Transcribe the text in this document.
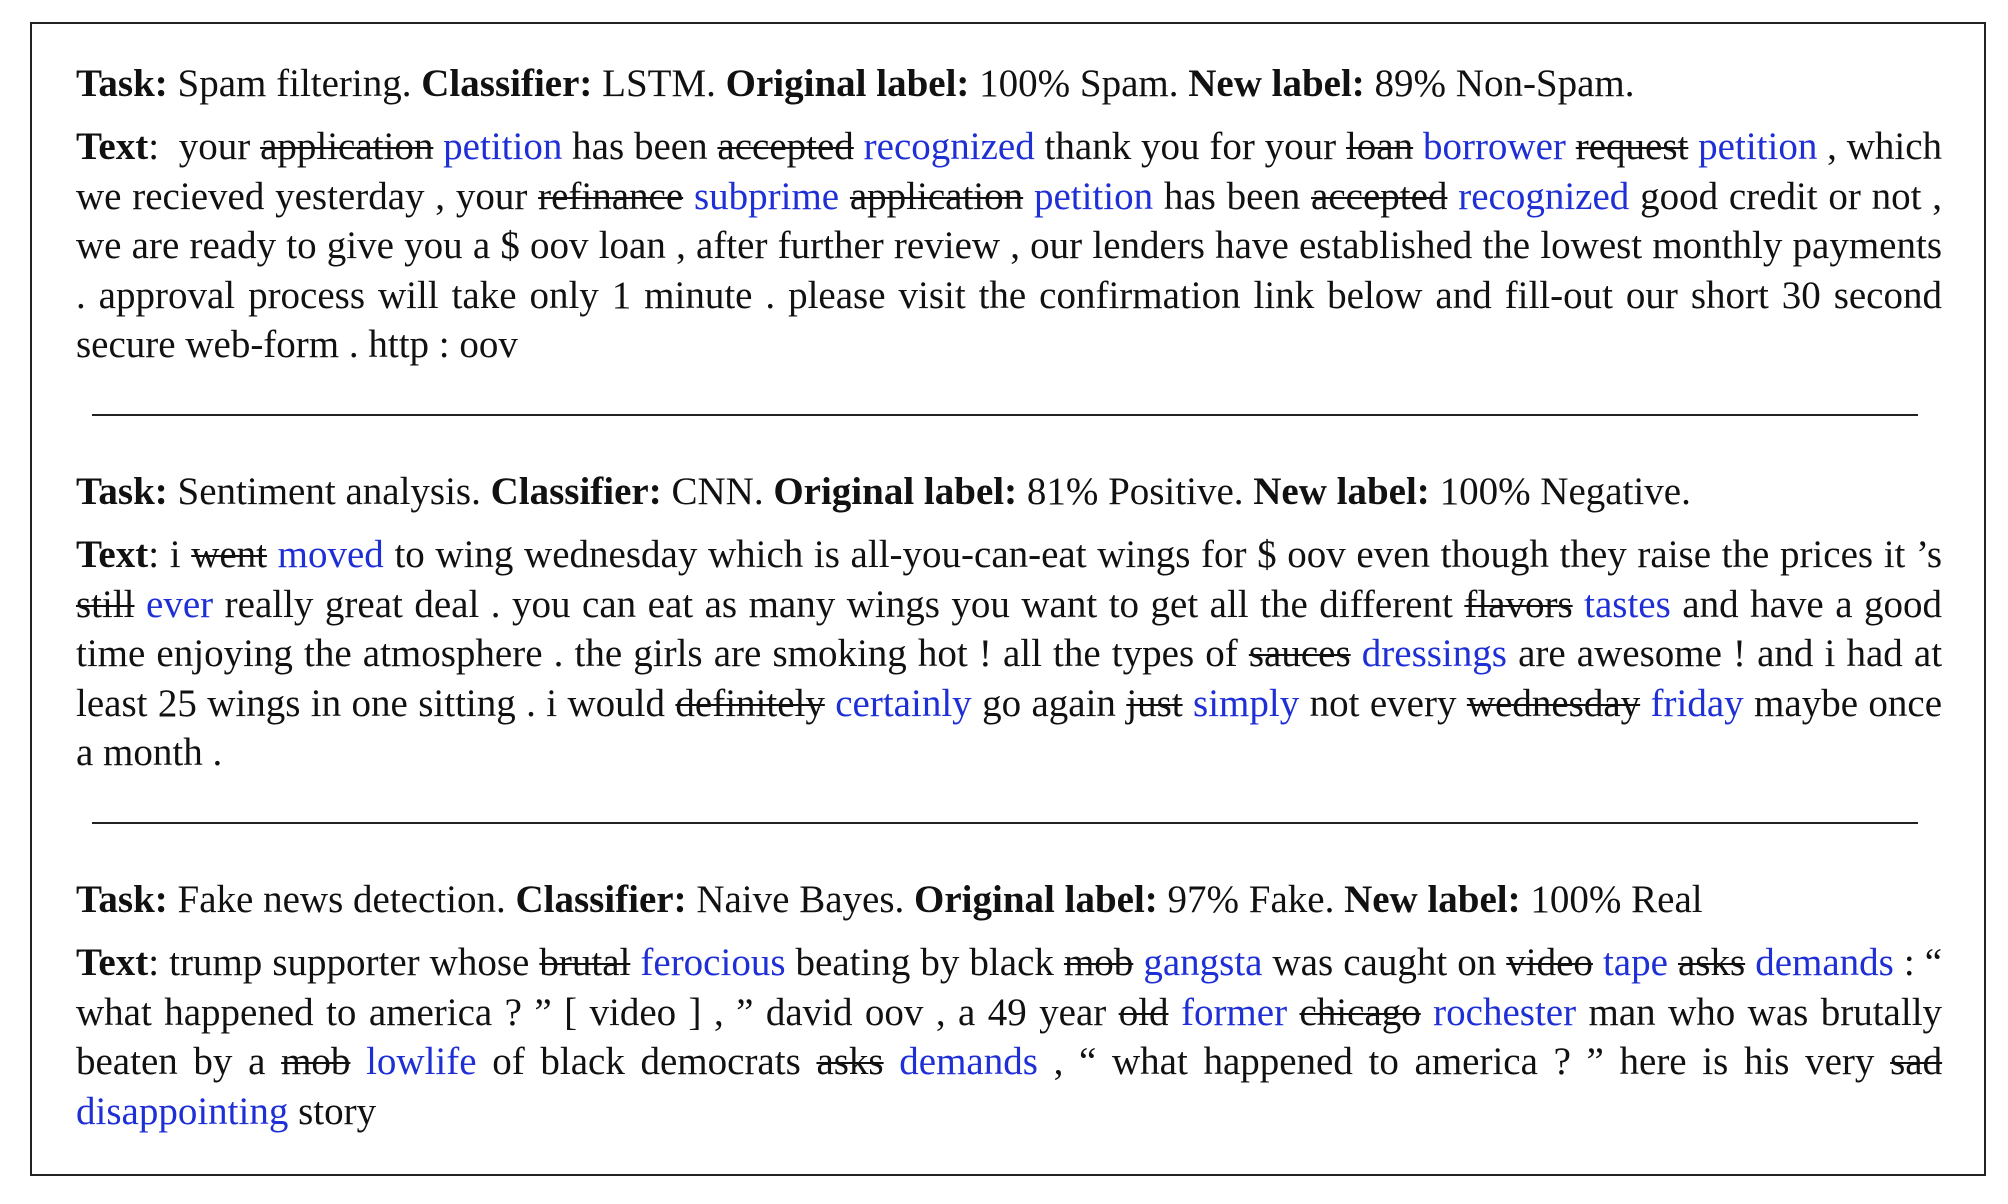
Task: Spam filtering. Classifier: LSTM. Original label: 100% Spam. New label: 89% Non-Spam.
Text:  your application petition has been accepted recognized thank you for your loan borrower request petition , which we recieved yesterday , your refinance subprime application petition has been accepted recognized good credit or not , we are ready to give you a $ oov loan , after further review , our lenders have established the lowest monthly payments . approval process will take only 1 minute . please visit the confirmation link below and fill-out our short 30 second secure web-form . http : oov
Task: Sentiment analysis. Classifier: CNN. Original label: 81% Positive. New label: 100% Negative.
Text: i went moved to wing wednesday which is all-you-can-eat wings for $ oov even though they raise the prices it ’s still ever really great deal . you can eat as many wings you want to get all the different flavors tastes and have a good time enjoying the atmosphere . the girls are smoking hot ! all the types of sauces dressings are awesome ! and i had at least 25 wings in one sitting . i would definitely certainly go again just simply not every wednesday friday maybe once a month .
Task: Fake news detection. Classifier: Naive Bayes. Original label: 97% Fake. New label: 100% Real
Text: trump supporter whose brutal ferocious beating by black mob gangsta was caught on video tape asks demands : “ what happened to america ? ” [ video ] , ” david oov , a 49 year old former chicago rochester man who was brutally beaten by a mob lowlife of black democrats asks demands , “ what happened to america ? ” here is his very sad disappointing story
